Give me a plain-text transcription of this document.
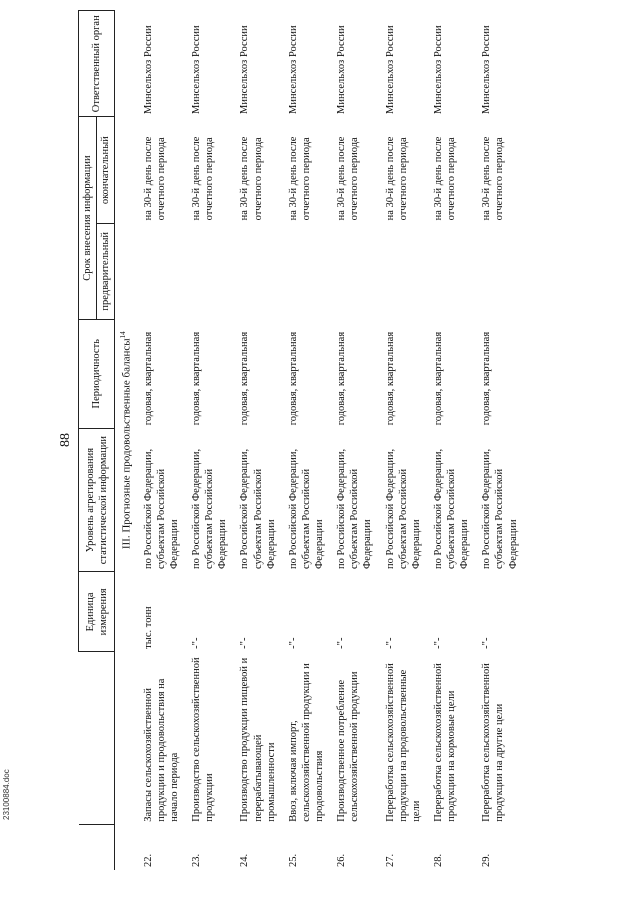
88
		Единица измерения	Уровень агрегирования статистической информации	Периодичность	Срок внесения информации		Ответственный орган
					предварительный	окончательный	
III. Прогнозные продовольственные балансы$^{14}$
22.	Запасы сельскохозяйственной продукции и продовольствия на начало периода	тыс. тонн	по Российской Федерации, субъектам Российской Федерации	годовая, квартальная		на 30-й день после отчетного периода	Минсельхоз России
23.	Производство сельскохозяйственной продукции	-"-	по Российской Федерации, субъектам Российской Федерации	годовая, квартальная		на 30-й день после отчетного периода	Минсельхоз России
24.	Производство продукции пищевой и перерабатывающей промышленности	-"-	по Российской Федерации, субъектам Российской Федерации	годовая, квартальная		на 30-й день после отчетного периода	Минсельхоз России
25.	Ввоз, включая импорт, сельскохозяйственной продукции и продовольствия	-"-	по Российской Федерации, субъектам Российской Федерации	годовая, квартальная		на 30-й день после отчетного периода	Минсельхоз России
26.	Производственное потребление сельскохозяйственной продукции	-"-	по Российской Федерации, субъектам Российской Федерации	годовая, квартальная		на 30-й день после отчетного периода	Минсельхоз России
27.	Переработка сельскохозяйственной продукции на продовольственные цели	-"-	по Российской Федерации, субъектам Российской Федерации	годовая, квартальная		на 30-й день после отчетного периода	Минсельхоз России
28.	Переработка сельскохозяйственной продукции на кормовые цели	-"-	по Российской Федерации, субъектам Российской Федерации	годовая, квартальная		на 30-й день после отчетного периода	Минсельхоз России
29.	Переработка сельскохозяйственной продукции на другие цели	-"-	по Российской Федерации, субъектам Российской Федерации	годовая, квартальная		на 30-й день после отчетного периода	Минсельхоз России
23100884.doc
